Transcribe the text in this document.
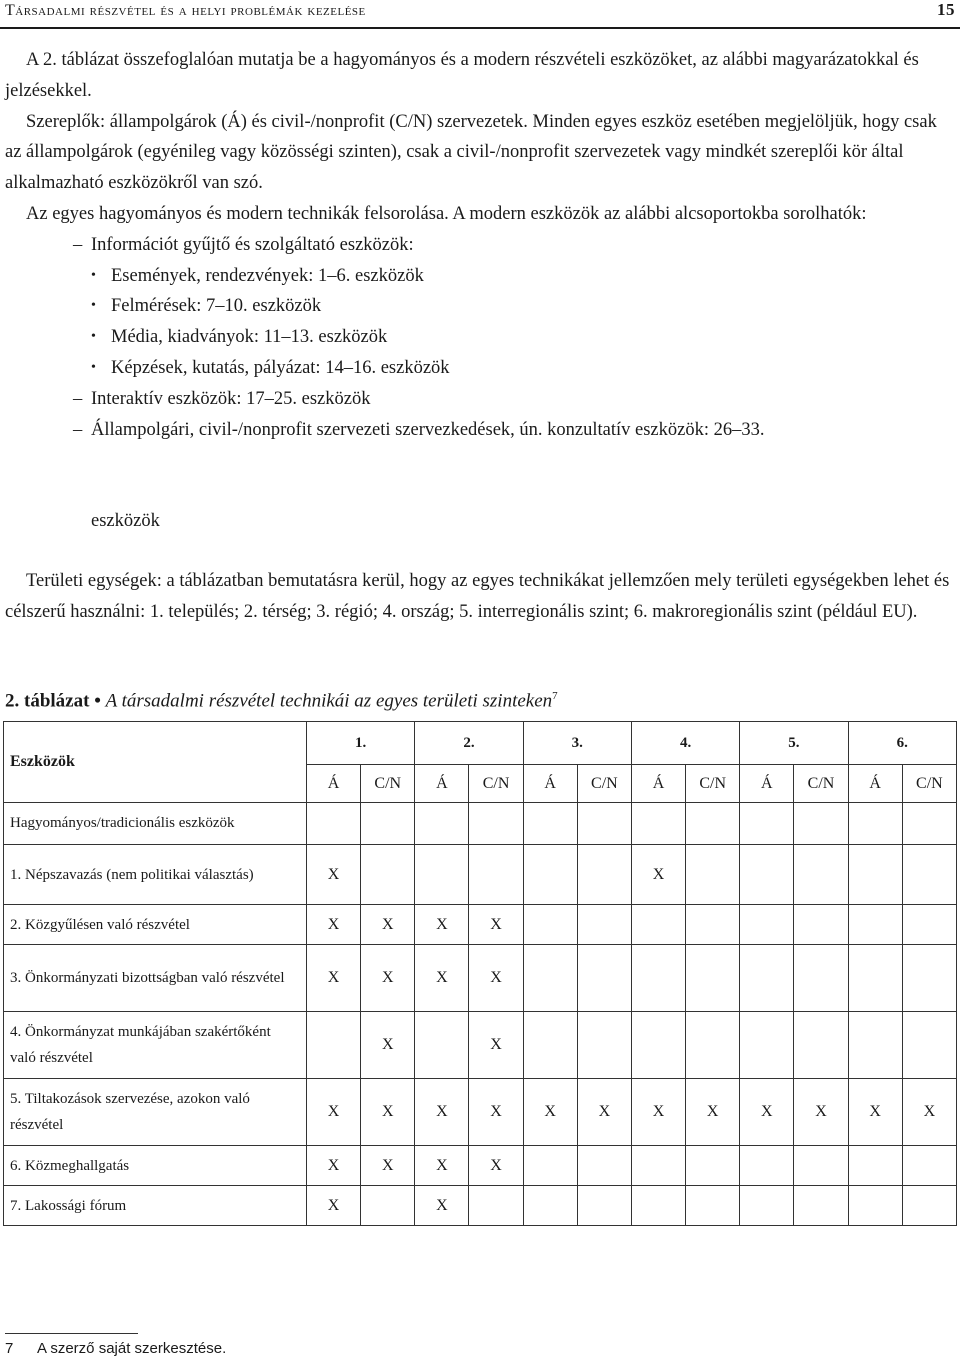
Társadalmi részvétel és a helyi problémák kezelése	15

A 2. táblázat összefoglalóan mutatja be a hagyományos és a modern részvételi eszközöket, az alábbi magyarázatokkal és jelzésekkel.

Szereplők: állampolgárok (Á) és civil-/nonprofit (C/N) szervezetek. Minden egyes eszköz esetében megjelöljük, hogy csak az állampolgárok (egyénileg vagy közösségi szinten), csak a civil-/nonprofit szervezetek vagy mindkét szereplői kör által alkalmazható eszközökről van szó.

Az egyes hagyományos és modern technikák felsorolása. A modern eszközök az alábbi alcsoportokba sorolhatók:

– Információt gyűjtő és szolgáltató eszközök:
• Események, rendezvények: 1–6. eszközök
• Felmérések: 7–10. eszközök
• Média, kiadványok: 11–13. eszközök
• Képzések, kutatás, pályázat: 14–16. eszközök
– Interaktív eszközök: 17–25. eszközök
– Állampolgári, civil-/nonprofit szervezeti szervezkedések, ún. konzultatív eszközök: 26–33.
eszközök

Területi egységek: a táblázatban bemutatásra kerül, hogy az egyes technikákat jellemzően mely területi egységekben lehet és célszerű használni: 1. település; 2. térség; 3. régió; 4. ország; 5. interregionális szint; 6. makroregionális szint (például EU).

2. táblázat • A társadalmi részvétel technikái az egyes területi szinteken$^7$
Eszközök	1.		2.		3.		4.		5.		6.	
	Á	C/N	Á	C/N	Á	C/N	Á	C/N	Á	C/N	Á	C/N
Hagyományos/tradicionális eszközök												
1. Népszavazás (nem politikai választás)	X						X					
2. Közgyűlésen való részvétel	X	X	X	X								
3. Önkormányzati bizottságban való részvétel	X	X	X	X								
4. Önkormányzat munkájában szakértőként való részvétel		X		X								
5. Tiltakozások szervezése, azokon való részvétel	X	X	X	X	X	X	X	X	X	X	X	X
6. Közmeghallgatás	X	X	X	X								
7. Lakossági fórum	X		X									
7 A szerző saját szerkesztése.
